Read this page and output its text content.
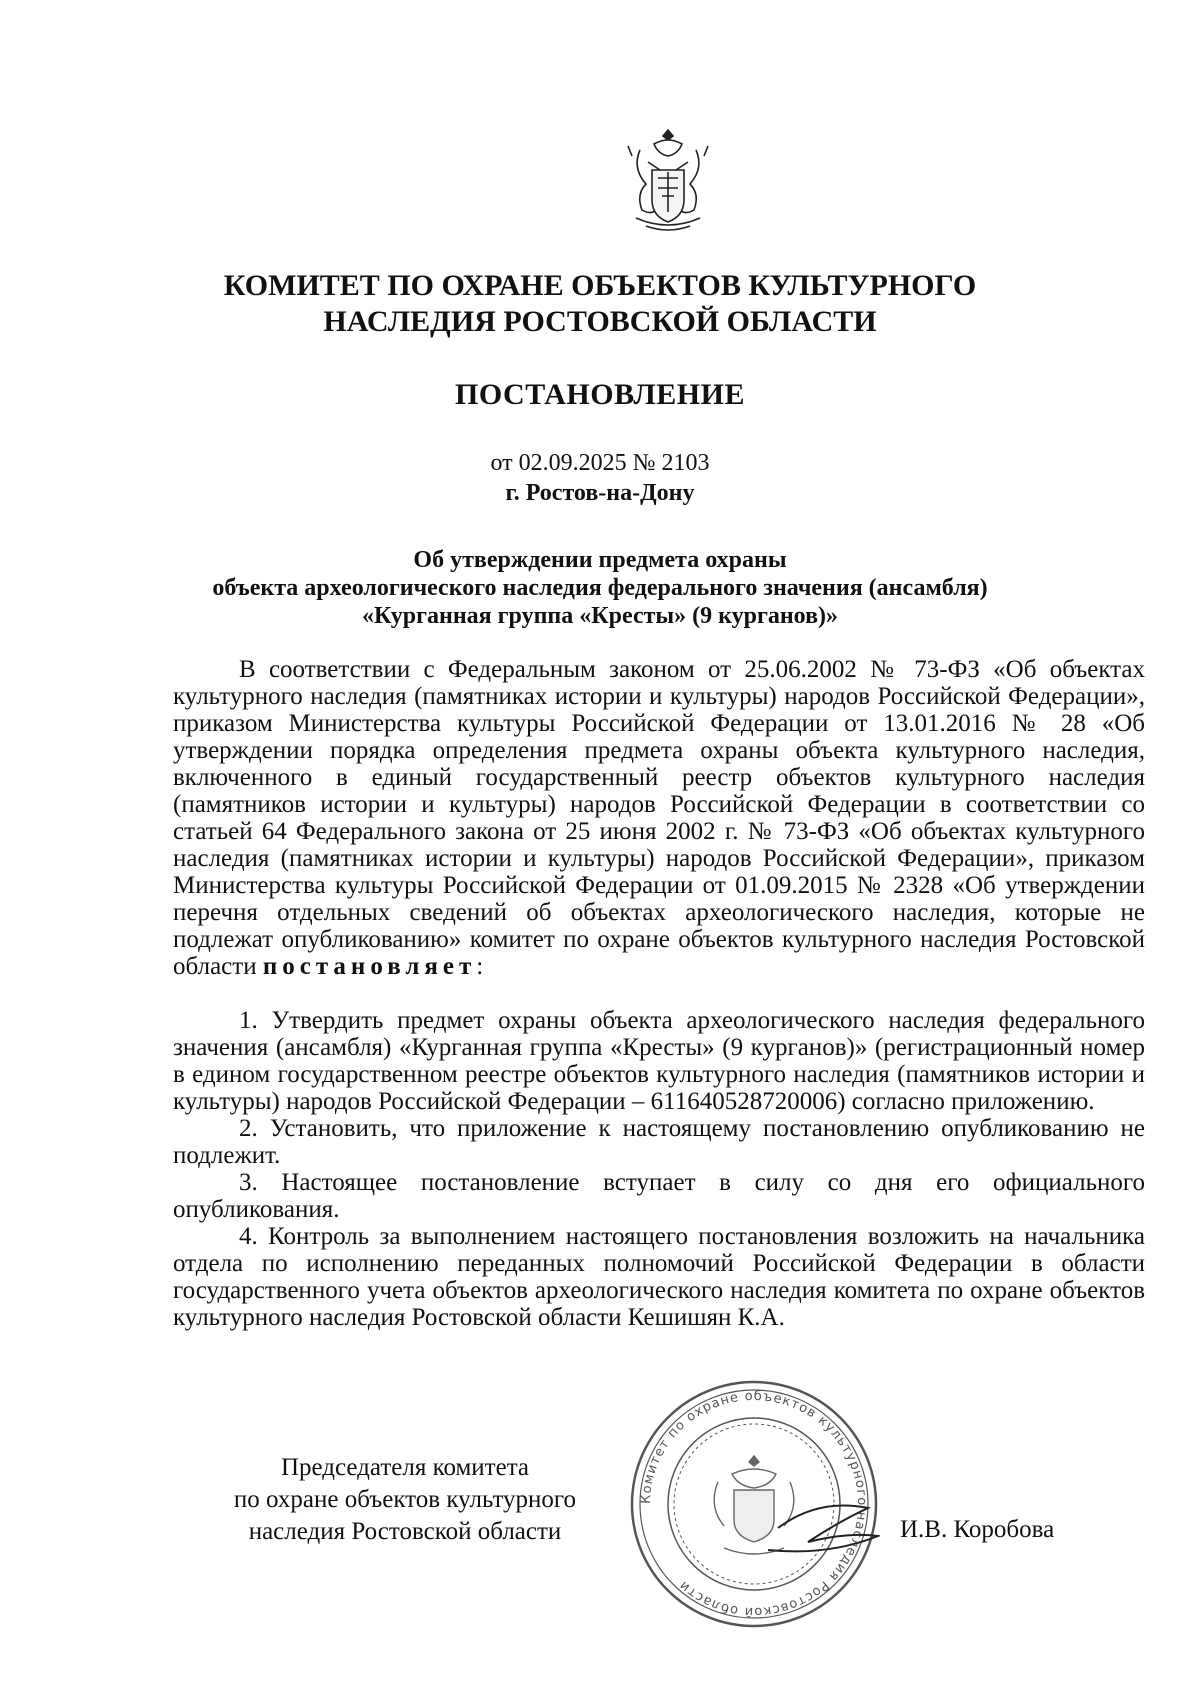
КОМИТЕТ ПО ОХРАНЕ ОБЪЕКТОВ КУЛЬТУРНОГО
НАСЛЕДИЯ РОСТОВСКОЙ ОБЛАСТИ
ПОСТАНОВЛЕНИЕ
от 02.09.2025 № 2103
г. Ростов-на-Дону
Об утверждении предмета охраны
объекта археологического наследия федерального значения (ансамбля)
«Курганная группа «Кресты» (9 курганов)»

В соответствии с Федеральным законом от 25.06.2002 № 73-ФЗ «Об объектах культурного наследия (памятниках истории и культуры) народов Российской Федерации», приказом Министерства культуры Российской Федерации от 13.01.2016 № 28 «Об утверждении порядка определения предмета охраны объекта культурного наследия, включенного в единый государственный реестр объектов культурного наследия (памятников истории и культуры) народов Российской Федерации в соответствии со статьей 64 Федерального закона от 25 июня 2002 г. № 73-ФЗ «Об объектах культурного наследия (памятниках истории и культуры) народов Российской Федерации», приказом Министерства культуры Российской Федерации от 01.09.2015 № 2328 «Об утверждении перечня отдельных сведений об объектах археологического наследия, которые не подлежат опубликованию» комитет по охране объектов культурного наследия Ростовской области постановляет:

1. Утвердить предмет охраны объекта археологического наследия федерального значения (ансамбля) «Курганная группа «Кресты» (9 курганов)» (регистрационный номер в едином государственном реестре объектов культурного наследия (памятников истории и культуры) народов Российской Федерации – 611640528720006) согласно приложению.

2. Установить, что приложение к настоящему постановлению опубликованию не подлежит.

3. Настоящее постановление вступает в силу со дня его официального опубликования.

4. Контроль за выполнением настоящего постановления возложить на начальника отдела по исполнению переданных полномочий Российской Федерации в области государственного учета объектов археологического наследия комитета по охране объектов культурного наследия Ростовской области Кешишян К.А.

Председателя комитета
по охране объектов культурного
наследия Ростовской области
Комитет по охране объектов культурного наследия Ростовской области
И.В. Коробова
